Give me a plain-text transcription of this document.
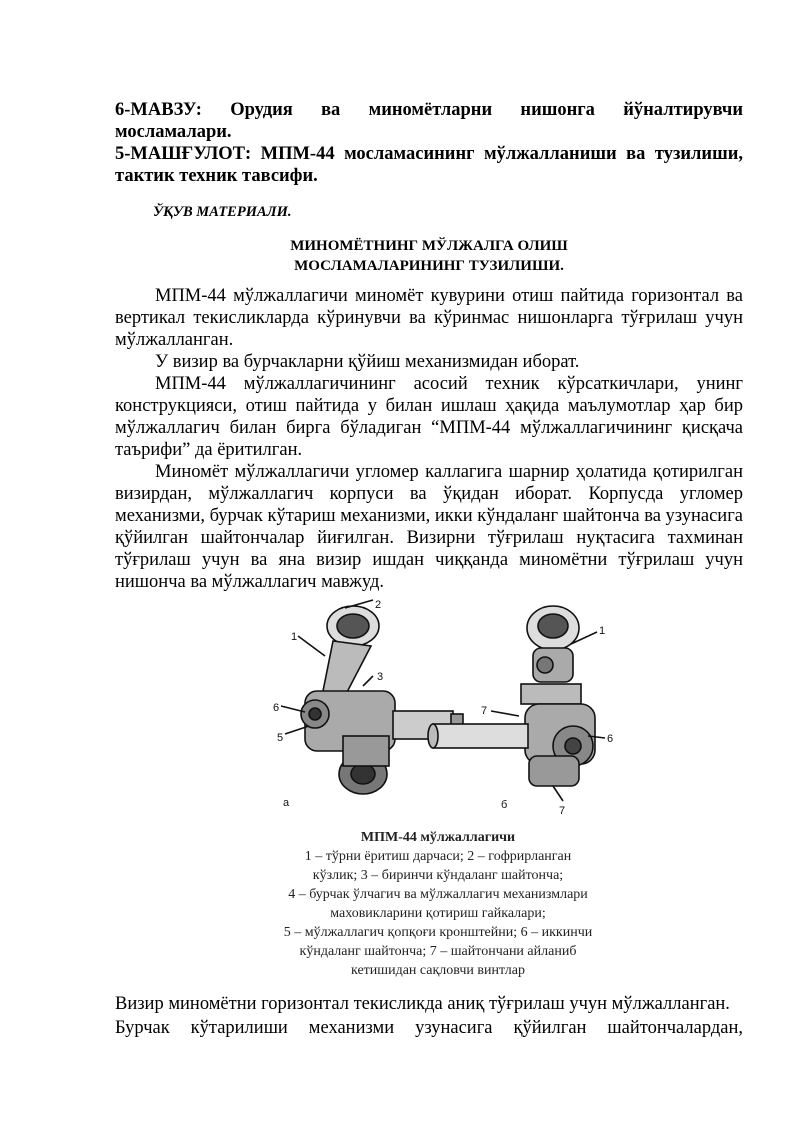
6-МАВЗУ: Орудия ва миномётларни нишонга йўналтирувчи мосламалари.

5-МАШҒУЛОТ: МПМ-44 мосламасининг мўлжалланиши ва тузилиши, тактик техник тавсифи.

ЎҚУВ МАТЕРИАЛИ.
МИНОМЁТНИНГ МЎЛЖАЛГА ОЛИШ
МОСЛАМАЛАРИНИНГ ТУЗИЛИШИ.

МПМ-44 мўлжаллагичи миномёт кувурини отиш пайтида горизонтал ва вертикал текисликларда кўринувчи ва кўринмас нишонларга тўғрилаш учун мўлжалланган.

У визир ва бурчакларни қўйиш механизмидан иборат.

МПМ-44 мўлжаллагичининг асосий техник кўрсаткичлари, унинг конструкцияси, отиш пайтида у билан ишлаш ҳақида маълумотлар ҳар бир мўлжаллагич билан бирга бўладиган “МПМ-44 мўлжаллагичининг қисқача таърифи” да ёритилган.

Миномёт мўлжаллагичи угломер каллагига шарнир ҳолатида қотирилган визирдан, мўлжаллагич корпуси ва ўқидан иборат. Корпусда угломер механизми, бурчак кўтариш механизми, икки кўндаланг шайтонча ва узунасига қўйилган шайтончалар йиғилган. Визирни тўғрилаш нуқтасига тахминан тўғрилаш учун ва яна визир ишдан чиққанда миномётни тўғрилаш учун нишонча ва мўлжаллагич мавжуд.

2
1
3
6
5
а
1
7
6
7
б
МПМ-44 мўлжаллагичи
1 – тўрни ёритиш дарчаси; 2 – гофрирланган
кўзлик; 3 – биринчи кўндаланг шайтонча;
4 – бурчак ўлчагич ва мўлжаллагич механизмлари
маховикларини қотириш гайкалари;
5 – мўлжаллагич қопқоғи кронштейни; 6 – иккинчи
кўндаланг шайтонча; 7 – шайтончани айланиб
кетишидан сақловчи винтлар

Визир миномётни горизонтал текисликда аниқ тўғрилаш учун мўлжалланган.

Бурчак кўтарилиши механизми узунасига қўйилган шайтончалардан,
